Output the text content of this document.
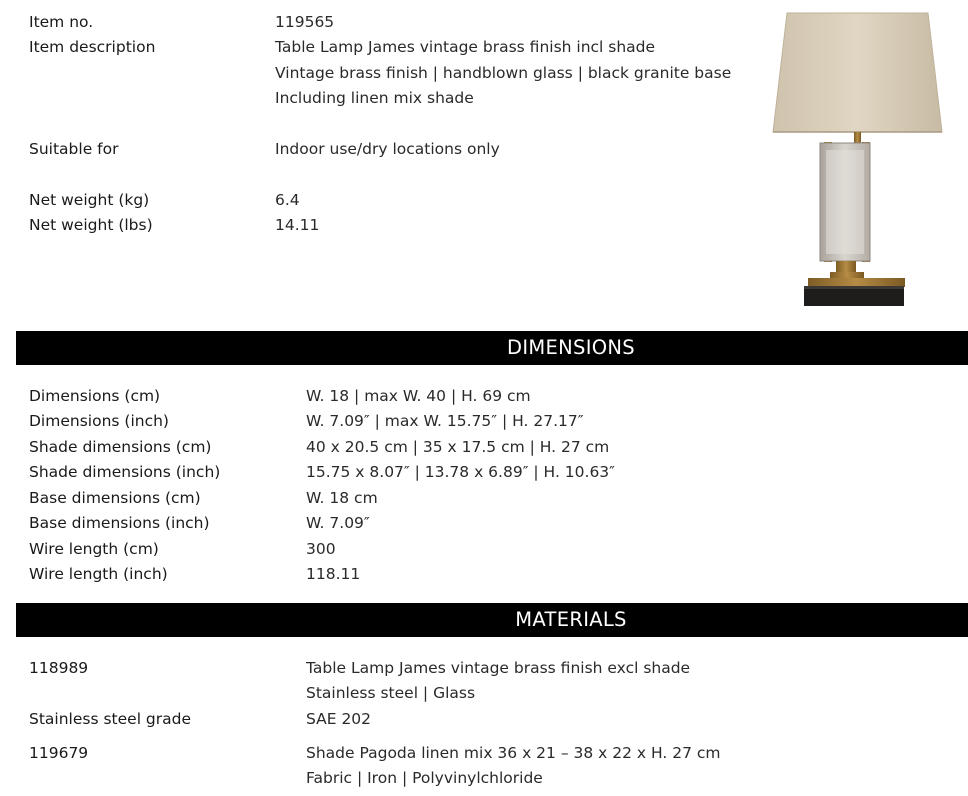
Item no.	119565
Item description	Table Lamp James vintage brass finish incl shade
Vintage brass finish | handblown glass | black granite base
Including linen mix shade
Suitable for	Indoor use/dry locations only
Net weight (kg)	6.4
Net weight (lbs)	14.11
DIMENSIONS
Dimensions (cm)	W. 18 | max W. 40 | H. 69 cm
Dimensions (inch)	W. 7.09″ | max W. 15.75″ | H. 27.17″
Shade dimensions (cm)	40 x 20.5 cm | 35 x 17.5 cm | H. 27 cm
Shade dimensions (inch)	15.75 x 8.07″ | 13.78 x 6.89″ | H. 10.63″
Base dimensions (cm)	W. 18 cm
Base dimensions (inch)	W. 7.09″
Wire length (cm)	300
Wire length (inch)	118.11
MATERIALS
118989	Table Lamp James vintage brass finish excl shade
Stainless steel | Glass
Stainless steel grade	SAE 202
119679	Shade Pagoda linen mix 36 x 21 – 38 x 22 x H. 27 cm
Fabric | Iron | Polyvinylchloride
